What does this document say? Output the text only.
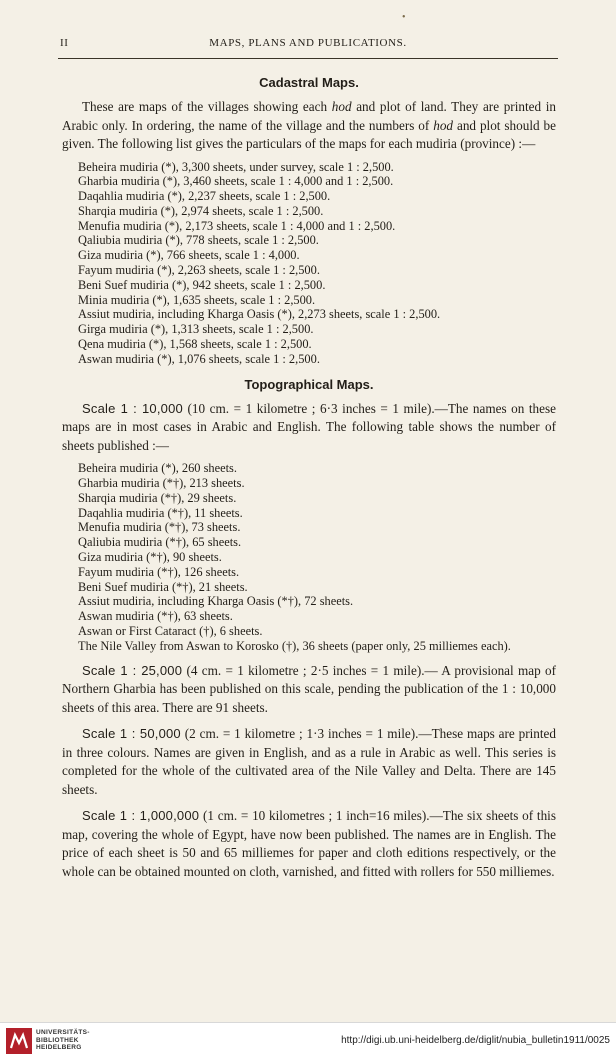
•
II	MAPS, PLANS AND PUBLICATIONS.
Cadastral Maps.

These are maps of the villages showing each hod and plot of land. They are printed in Arabic only. In ordering, the name of the village and the numbers of hod and plot should be given. The following list gives the particulars of the maps for each mudiria (province) :—

Beheira mudiria (*), 3,300 sheets, under survey, scale 1 : 2,500.
Gharbia mudiria (*), 3,460 sheets, scale 1 : 4,000 and 1 : 2,500.
Daqahlia mudiria (*), 2,237 sheets, scale 1 : 2,500.
Sharqia mudiria (*), 2,974 sheets, scale 1 : 2,500.
Menufia mudiria (*), 2,173 sheets, scale 1 : 4,000 and 1 : 2,500.
Qaliubia mudiria (*), 778 sheets, scale 1 : 2,500.
Giza mudiria (*), 766 sheets, scale 1 : 4,000.
Fayum mudiria (*), 2,263 sheets, scale 1 : 2,500.
Beni Suef mudiria (*), 942 sheets, scale 1 : 2,500.
Minia mudiria (*), 1,635 sheets, scale 1 : 2,500.
Assiut mudiria, including Kharga Oasis (*), 2,273 sheets, scale 1 : 2,500.
Girga mudiria (*), 1,313 sheets, scale 1 : 2,500.
Qena mudiria (*), 1,568 sheets, scale 1 : 2,500.
Aswan mudiria (*), 1,076 sheets, scale 1 : 2,500.
Topographical Maps.

Scale 1 : 10,000 (10 cm. = 1 kilometre ; 6·3 inches = 1 mile).—The names on these maps are in most cases in Arabic and English. The following table shows the number of sheets published :—

Beheira mudiria (*), 260 sheets.
Gharbia mudiria (*†), 213 sheets.
Sharqia mudiria (*†), 29 sheets.
Daqahlia mudiria (*†), 11 sheets.
Menufia mudiria (*†), 73 sheets.
Qaliubia mudiria (*†), 65 sheets.
Giza mudiria (*†), 90 sheets.
Fayum mudiria (*†), 126 sheets.
Beni Suef mudiria (*†), 21 sheets.
Assiut mudiria, including Kharga Oasis (*†), 72 sheets.
Aswan mudiria (*†), 63 sheets.
Aswan or First Cataract (†), 6 sheets.
The Nile Valley from Aswan to Korosko (†), 36 sheets (paper only, 25 milliemes each).

Scale 1 : 25,000 (4 cm. = 1 kilometre ; 2·5 inches = 1 mile).— A provisional map of Northern Gharbia has been published on this scale, pending the publication of the 1 : 10,000 sheets of this area. There are 91 sheets.

Scale 1 : 50,000 (2 cm. = 1 kilometre ; 1·3 inches = 1 mile).—These maps are printed in three colours. Names are given in English, and as a rule in Arabic as well. This series is completed for the whole of the cultivated area of the Nile Valley and Delta. There are 145 sheets.

Scale 1 : 1,000,000 (1 cm. = 10 kilometres ; 1 inch=16 miles).—The six sheets of this map, covering the whole of Egypt, have now been published. The names are in English. The price of each sheet is 50 and 65 milliemes for paper and cloth editions respectively, or the whole can be obtained mounted on cloth, varnished, and fitted with rollers for 550 milliemes.

UNIVERSITÄTS-
BIBLIOTHEK
HEIDELBERG
http://digi.ub.uni-heidelberg.de/diglit/nubia_bulletin1911/0025
